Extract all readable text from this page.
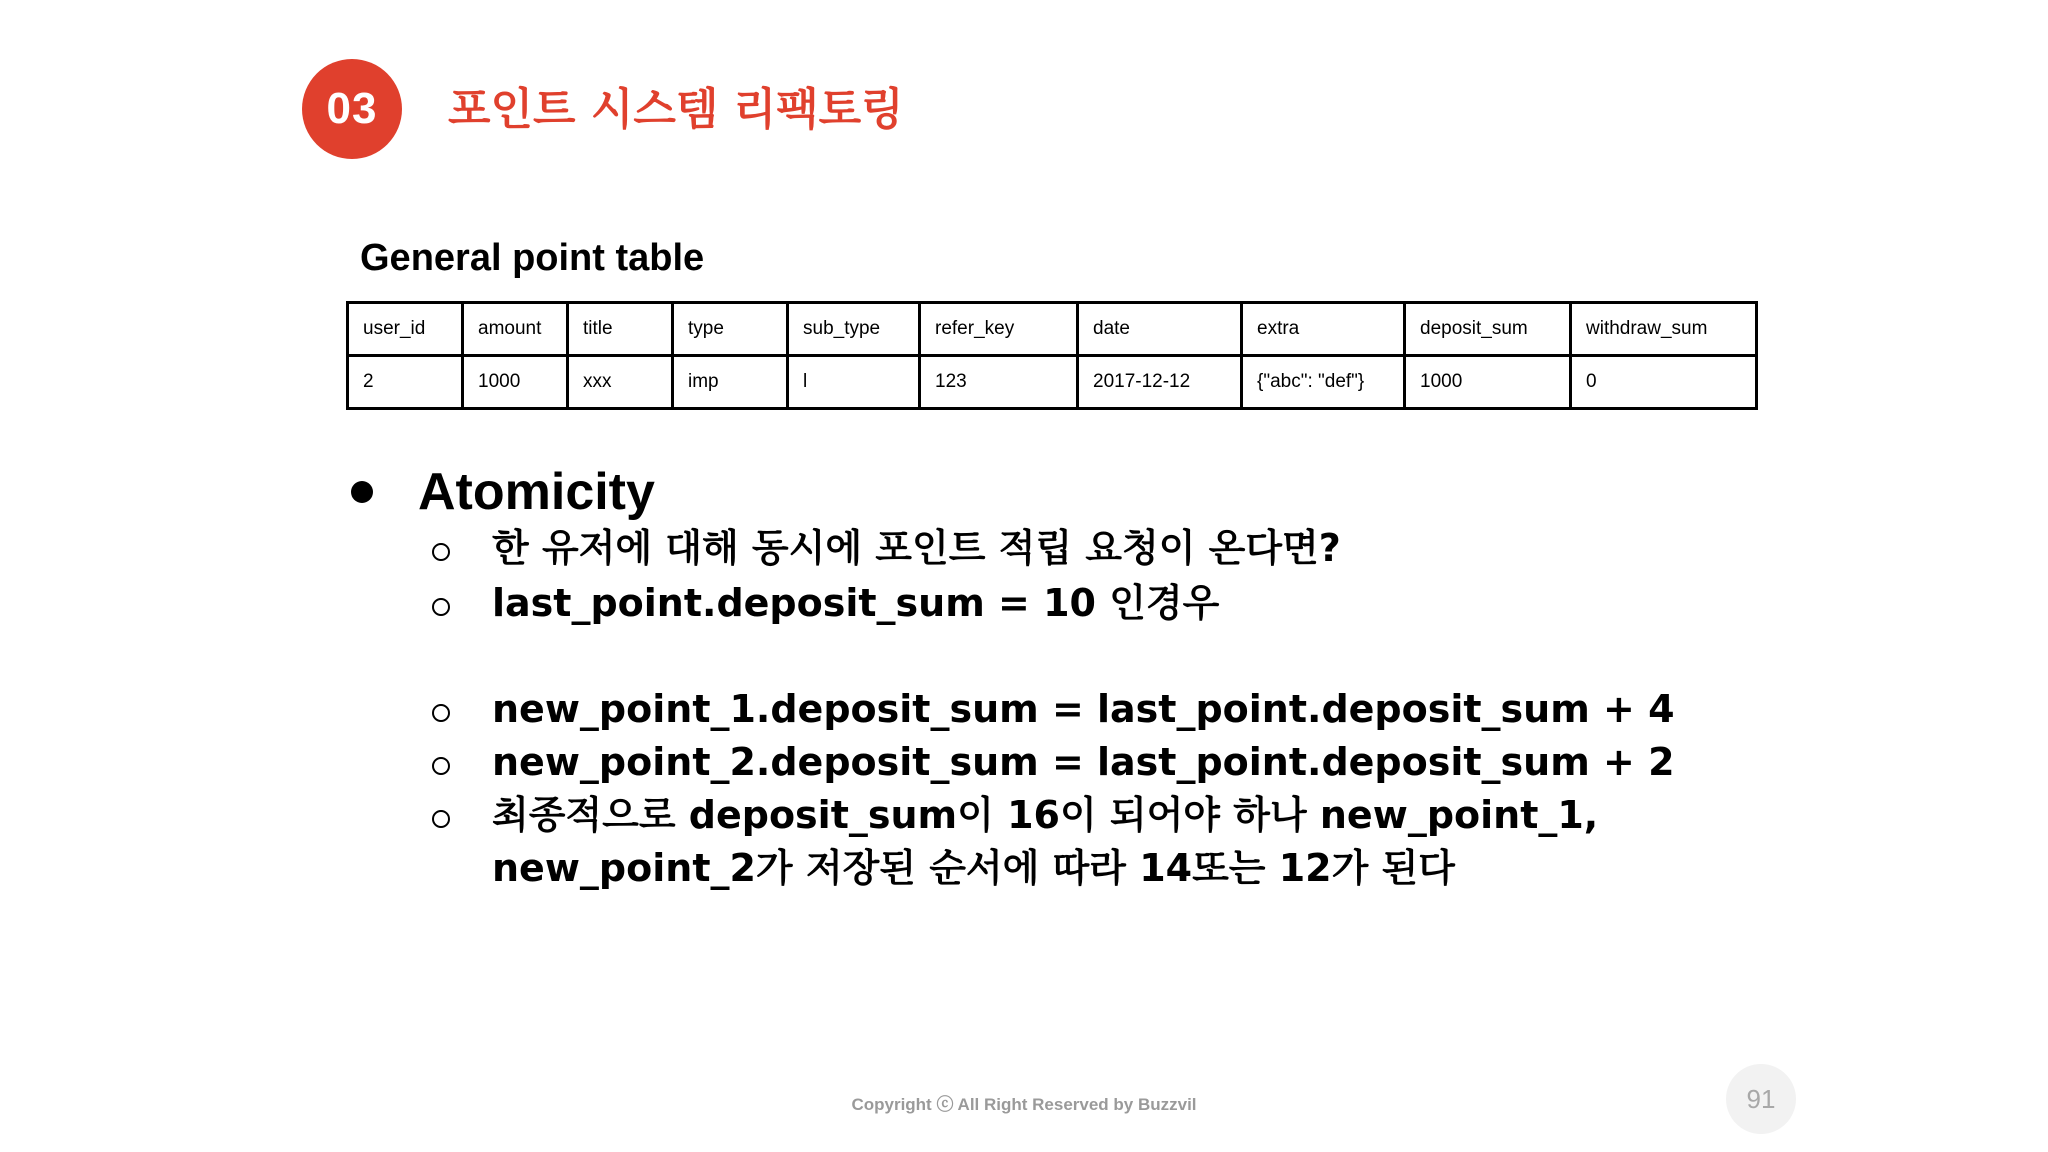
03	포인트 시스템 리팩토링
General point table
user_id	amount	title	type	sub_type	refer_key	date	extra	deposit_sum	withdraw_sum
2	1000	xxx	imp	l	123	2017-12-12	{"abc": "def"}	1000	0
Atomicity
한 유저에 대해 동시에 포인트 적립 요청이 온다면?
last_point.deposit_sum = 10 인경우
new_point_1.deposit_sum = last_point.deposit_sum + 4
new_point_2.deposit_sum = last_point.deposit_sum + 2
최종적으로 deposit_sum이 16이 되어야 하나 new_point_1,
new_point_2가 저장된 순서에 따라 14또는 12가 된다
Copyright ⓒ All Right Reserved by Buzzvil	91
